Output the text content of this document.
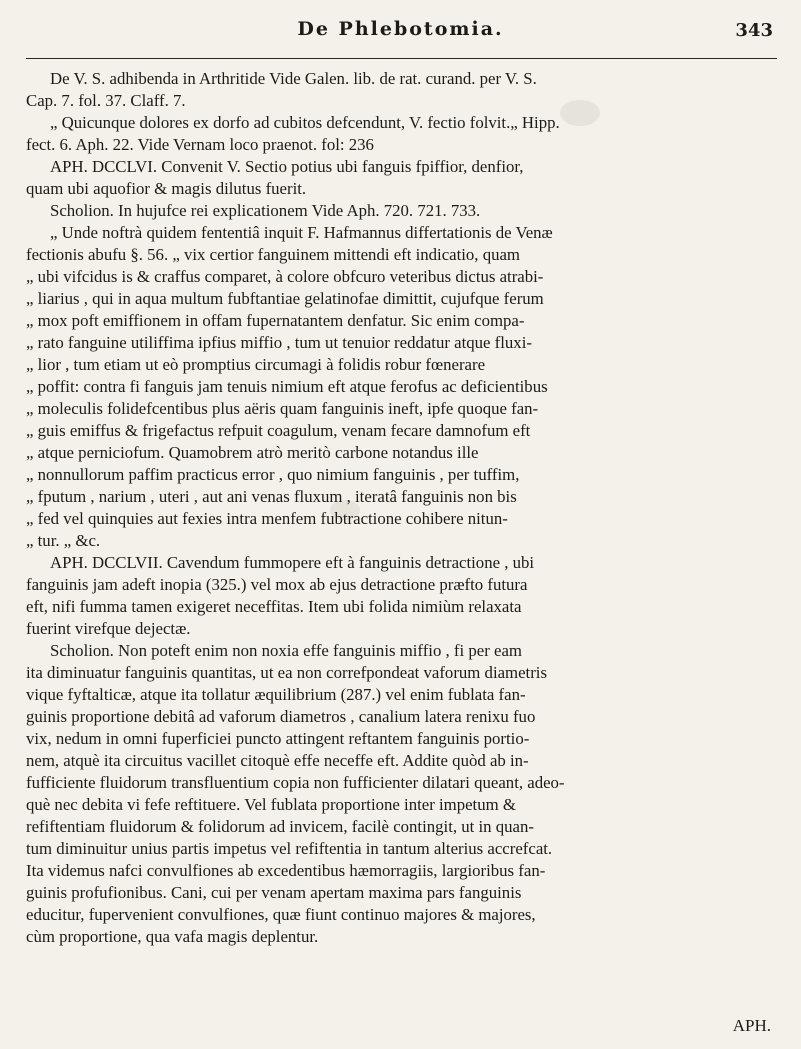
De Phlebotomia.	343
De V. S. adhibenda in Arthritide Vide Galen. lib. de rat. curand. per V. S.
Cap. 7. fol. 37. Claff. 7.
„ Quicunque dolores ex dorfo ad cubitos defcendunt, V. fectio folvit.„ Hipp.
fect. 6. Aph. 22. Vide Vernam loco praenot. fol: 236
APH. DCCLVI. Convenit V. Sectio potius ubi fanguis fpiffior, denfior,
quam ubi aquofior & magis dilutus fuerit.
Scholion. In hujufce rei explicationem Vide Aph. 720. 721. 733.
„ Unde noftrà quidem fententiâ inquit F. Hafmannus differtationis de Venæ
fectionis abufu §. 56. „ vix certior fanguinem mittendi eft indicatio, quam
„ ubi vifcidus is & craffus comparet, à colore obfcuro veteribus dictus atrabi-
„ liarius , qui in aqua multum fubftantiae gelatinofae dimittit, cujufque ferum
„ mox poft emiffionem in offam fupernatantem denfatur. Sic enim compa-
„ rato fanguine utiliffima ipfius miffio , tum ut tenuior reddatur atque fluxi-
„ lior , tum etiam ut eò promptius circumagi à folidis robur fœnerare
„ poffit: contra fi fanguis jam tenuis nimium eft atque ferofus ac deficientibus
„ moleculis folidefcentibus plus aëris quam fanguinis ineft, ipfe quoque fan-
„ guis emiffus & frigefactus refpuit coagulum, venam fecare damnofum eft
„ atque perniciofum. Quamobrem atrò meritò carbone notandus ille
„ nonnullorum paffim practicus error , quo nimium fanguinis , per tuffim,
„ fputum , narium , uteri , aut ani venas fluxum , iteratâ fanguinis non bis
„ fed vel quinquies aut fexies intra menfem fubtractione cohibere nitun-
„ tur. „ &c.
APH. DCCLVII. Cavendum fummopere eft à fanguinis detractione , ubi
fanguinis jam adeft inopia (325.) vel mox ab ejus detractione præfto futura
eft, nifi fumma tamen exigeret neceffitas. Item ubi folida nimiùm relaxata
fuerint virefque dejectæ.
Scholion. Non poteft enim non noxia effe fanguinis miffio , fi per eam
ita diminuatur fanguinis quantitas, ut ea non correfpondeat vaforum diametris
vique fyftalticæ, atque ita tollatur æquilibrium (287.) vel enim fublata fan-
guinis proportione debitâ ad vaforum diametros , canalium latera renixu fuo
vix, nedum in omni fuperficiei puncto attingent reftantem fanguinis portio-
nem, atquè ita circuitus vacillet citoquè effe neceffe eft. Addite quòd ab in-
fufficiente fluidorum transfluentium copia non fufficienter dilatari queant, adeo-
què nec debita vi fefe reftituere. Vel fublata proportione inter impetum &
refiftentiam fluidorum & folidorum ad invicem, facilè contingit, ut in quan-
tum diminuitur unius partis impetus vel refiftentia in tantum alterius accrefcat.
Ita videmus nafci convulfiones ab excedentibus hæmorragiis, largioribus fan-
guinis profufionibus. Cani, cui per venam apertam maxima pars fanguinis
educitur, fupervenient convulfiones, quæ fiunt continuo majores & majores,
cùm proportione, qua vafa magis deplentur.
APH.
